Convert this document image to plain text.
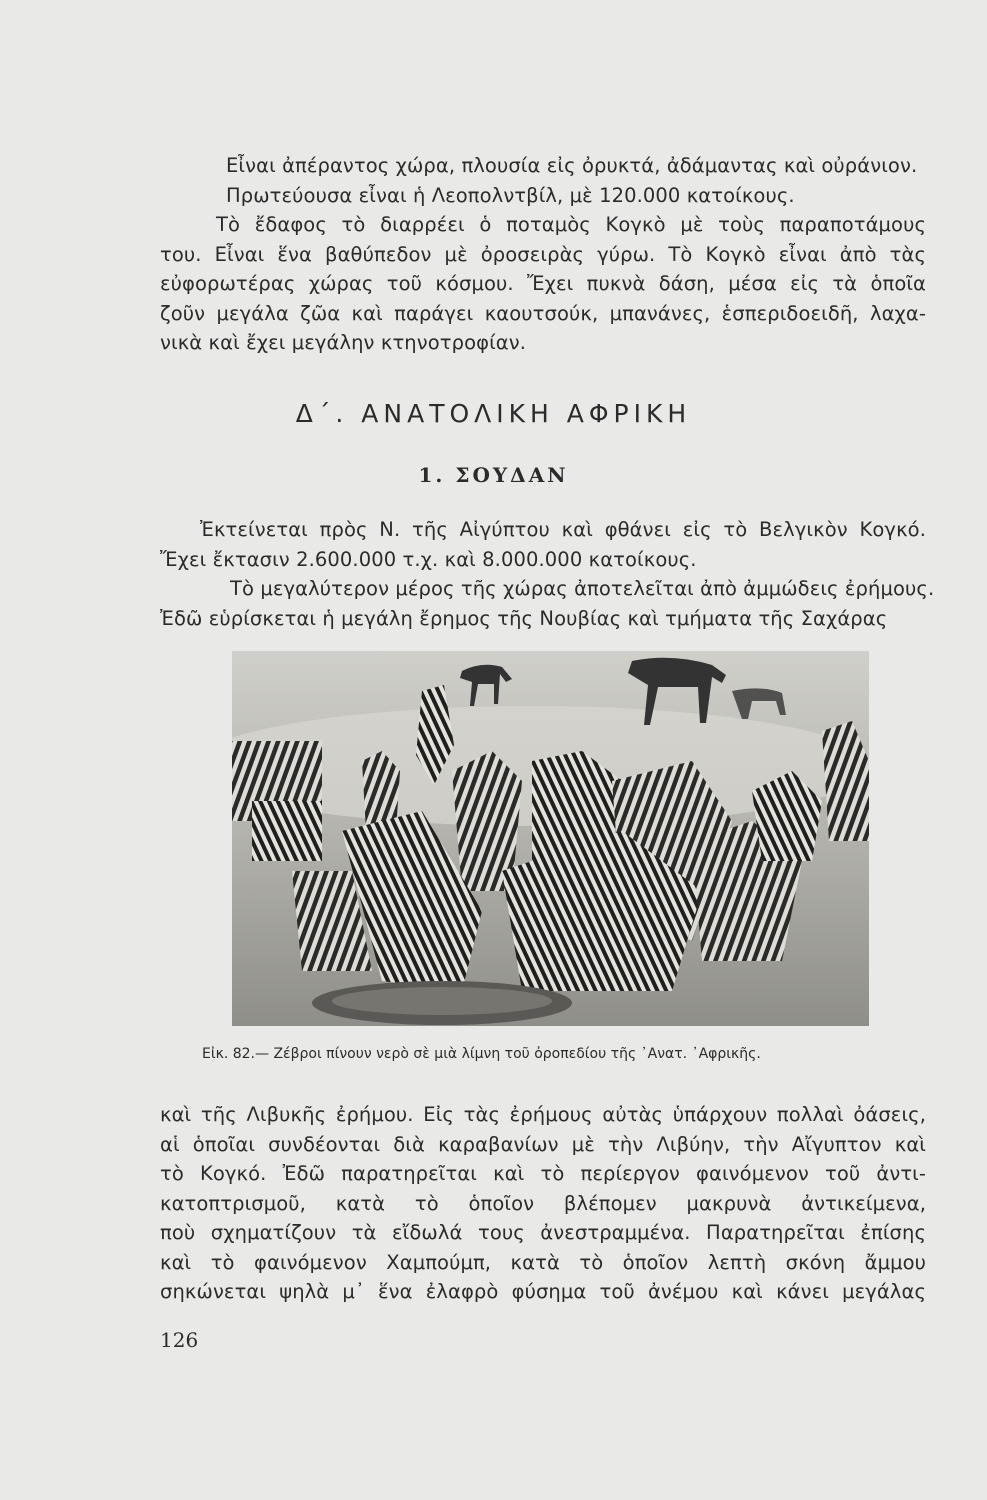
Εἶναι ἀπέραντος χώρα, πλουσία εἰς ὀρυκτά, ἀδάμαντας καὶ οὐράνιον.
Πρωτεύουσα εἶναι ἡ Λεοπολντβίλ, μὲ 120.000 κατοίκους.
Τὸ ἔδαφος τὸ διαρρέει ὁ ποταμὸς Κογκὸ μὲ τοὺς παραποτάμους
του. Εἶναι ἕνα βαθύπεδον μὲ ὀροσειρὰς γύρω. Τὸ Κογκὸ εἶναι ἀπὸ τὰς
εὐφορωτέρας χώρας τοῦ κόσμου. Ἔχει πυκνὰ δάση, μέσα εἰς τὰ ὁποῖα
ζοῦν μεγάλα ζῶα καὶ παράγει καουτσούκ, μπανάνες, ἑσπεριδοειδῆ, λαχα-
νικὰ καὶ ἔχει μεγάλην κτηνοτροφίαν.
Δ΄. ΑΝΑΤΟΛΙΚΗ ΑΦΡΙΚΗ
1. ΣΟΥΔΑΝ
Ἐκτείνεται πρὸς Ν. τῆς Αἰγύπτου καὶ φθάνει εἰς τὸ Βελγικὸν Κογκό.
Ἔχει ἔκτασιν 2.600.000 τ.χ. καὶ 8.000.000 κατοίκους.
Τὸ μεγαλύτερον μέρος τῆς χώρας ἀποτελεῖται ἀπὸ ἀμμώδεις ἐρήμους.
Ἐδῶ εὑρίσκεται ἡ μεγάλη ἔρημος τῆς Νουβίας καὶ τμήματα τῆς Σαχάρας
Εἰκ. 82.— Ζέβροι πίνουν νερὸ σὲ μιὰ λίμνη τοῦ ὀροπεδίου τῆς ᾽Ανατ. ᾽Αφρικῆς.
καὶ τῆς Λιβυκῆς ἐρήμου. Εἰς τὰς ἐρήμους αὐτὰς ὑπάρχουν πολλαὶ ὀάσεις,
αἱ ὁποῖαι συνδέονται διὰ καραβανίων μὲ τὴν Λιβύην, τὴν Αἴγυπτον καὶ
τὸ Κογκό. Ἐδῶ παρατηρεῖται καὶ τὸ περίεργον φαινόμενον τοῦ ἀντι-
κατοπτρισμοῦ, κατὰ τὸ ὁποῖον βλέπομεν μακρυνὰ ἀντικείμενα,
ποὺ σχηματίζουν τὰ εἴδωλά τους ἀνεστραμμένα. Παρατηρεῖται ἐπίσης
καὶ τὸ φαινόμενον Χαμπούμπ, κατὰ τὸ ὁποῖον λεπτὴ σκόνη ἄμμου
σηκώνεται ψηλὰ μ᾽ ἕνα ἐλαφρὸ φύσημα τοῦ ἀνέμου καὶ κάνει μεγάλας
126
